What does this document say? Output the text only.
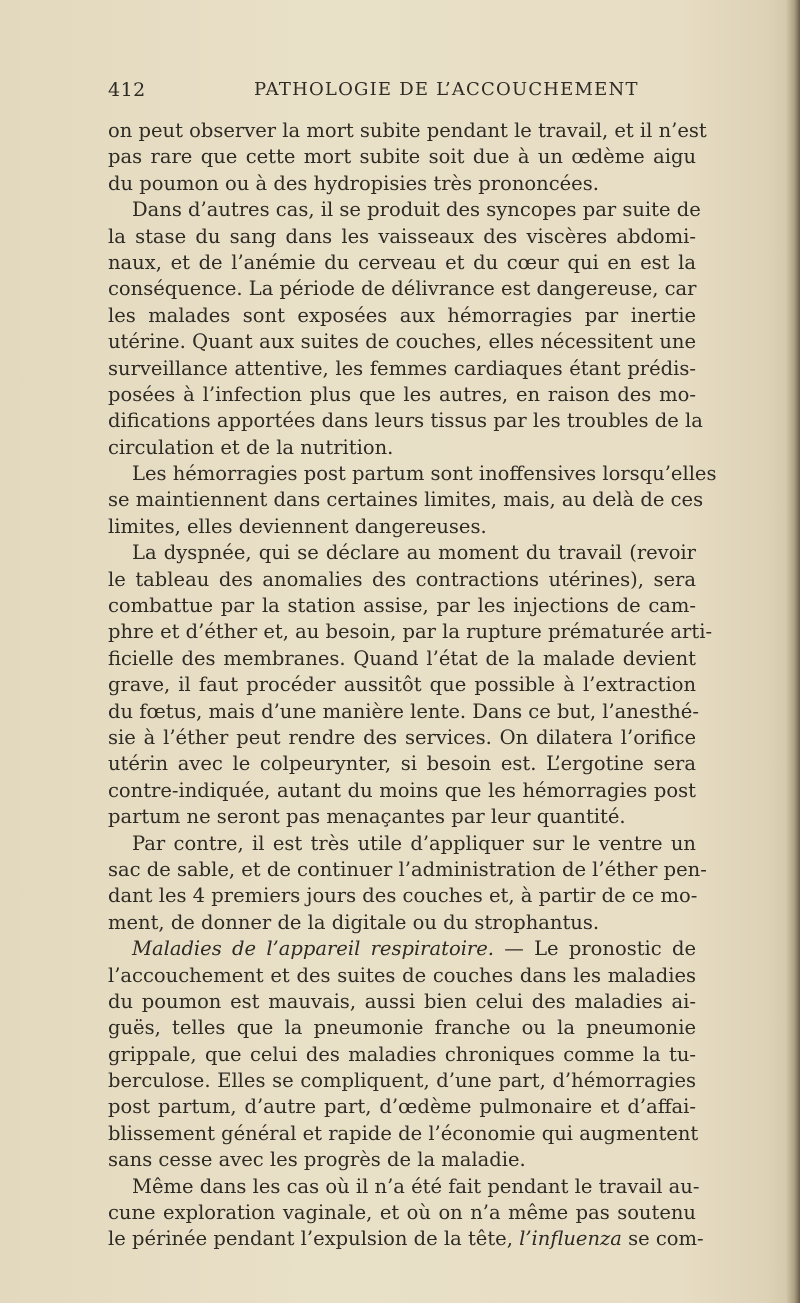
412	PATHOLOGIE DE L’ACCOUCHEMENT
on peut observer la mort subite pendant le travail, et il n’est
pas rare que cette mort subite soit due à un œdème aigu
du poumon ou à des hydropisies très prononcées.
Dans d’autres cas, il se produit des syncopes par suite de
la stase du sang dans les vaisseaux des viscères abdomi-
naux, et de l’anémie du cerveau et du cœur qui en est la
conséquence. La période de délivrance est dangereuse, car
les malades sont exposées aux hémorragies par inertie
utérine. Quant aux suites de couches, elles nécessitent une
surveillance attentive, les femmes cardiaques étant prédis-
posées à l’infection plus que les autres, en raison des mo-
difications apportées dans leurs tissus par les troubles de la
circulation et de la nutrition.
Les hémorragies post partum sont inoffensives lorsqu’elles
se maintiennent dans certaines limites, mais, au delà de ces
limites, elles deviennent dangereuses.
La dyspnée, qui se déclare au moment du travail (revoir
le tableau des anomalies des contractions utérines), sera
combattue par la station assise, par les injections de cam-
phre et d’éther et, au besoin, par la rupture prématurée arti-
ficielle des membranes. Quand l’état de la malade devient
grave, il faut procéder aussitôt que possible à l’extraction
du fœtus, mais d’une manière lente. Dans ce but, l’anesthé-
sie à l’éther peut rendre des services. On dilatera l’orifice
utérin avec le colpeurynter, si besoin est. L’ergotine sera
contre-indiquée, autant du moins que les hémorragies post
partum ne seront pas menaçantes par leur quantité.
Par contre, il est très utile d’appliquer sur le ventre un
sac de sable, et de continuer l’administration de l’éther pen-
dant les 4 premiers jours des couches et, à partir de ce mo-
ment, de donner de la digitale ou du strophantus.
Maladies de l’appareil respiratoire. — Le pronostic de
l’accouchement et des suites de couches dans les maladies
du poumon est mauvais, aussi bien celui des maladies ai-
guës, telles que la pneumonie franche ou la pneumonie
grippale, que celui des maladies chroniques comme la tu-
berculose. Elles se compliquent, d’une part, d’hémorragies
post partum, d’autre part, d’œdème pulmonaire et d’affai-
blissement général et rapide de l’économie qui augmentent
sans cesse avec les progrès de la maladie.
Même dans les cas où il n’a été fait pendant le travail au-
cune exploration vaginale, et où on n’a même pas soutenu
le périnée pendant l’expulsion de la tête, l’influenza se com-
